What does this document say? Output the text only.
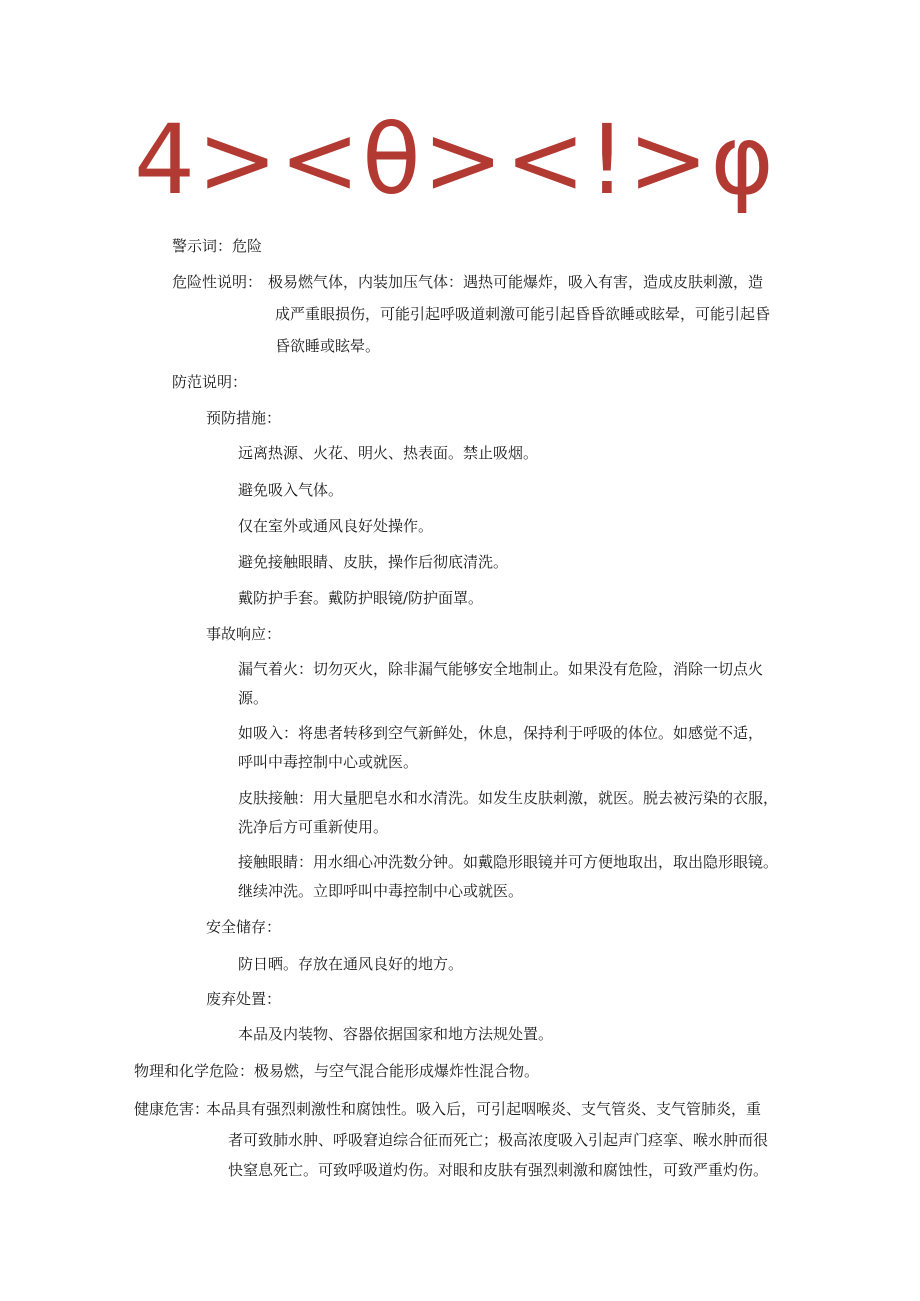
4><θ><!>φ
警示词：危险
危险性说明： 极易燃气体，内装加压气体：遇热可能爆炸，吸入有害，造成皮肤刺激，造
成严重眼损伤，可能引起呼吸道刺激可能引起昏昏欲睡或眩晕，可能引起昏
昏欲睡或眩晕。
防范说明：
预防措施：
远离热源、火花、明火、热表面。禁止吸烟。
避免吸入气体。
仅在室外或通风良好处操作。
避免接触眼睛、皮肤，操作后彻底清洗。
戴防护手套。戴防护眼镜/防护面罩。
事故响应：
漏气着火：切勿灭火，除非漏气能够安全地制止。如果没有危险，消除一切点火
源。
如吸入：将患者转移到空气新鲜处，休息，保持利于呼吸的体位。如感觉不适，
呼叫中毒控制中心或就医。
皮肤接触：用大量肥皂水和水清洗。如发生皮肤刺激，就医。脱去被污染的衣服，
洗净后方可重新使用。
接触眼睛：用水细心冲洗数分钟。如戴隐形眼镜并可方便地取出，取出隐形眼镜。
继续冲洗。立即呼叫中毒控制中心或就医。
安全储存：
防日晒。存放在通风良好的地方。
废弃处置：
本品及内装物、容器依据国家和地方法规处置。
物理和化学危险：极易燃，与空气混合能形成爆炸性混合物。
健康危害：
本品具有强烈刺激性和腐蚀性。吸入后，可引起咽喉炎、支气管炎、支气管肺炎，重
者可致肺水肿、呼吸窘迫综合征而死亡；极高浓度吸入引起声门痉挛、喉水肿而很
快窒息死亡。可致呼吸道灼伤。对眼和皮肤有强烈刺激和腐蚀性，可致严重灼伤。
